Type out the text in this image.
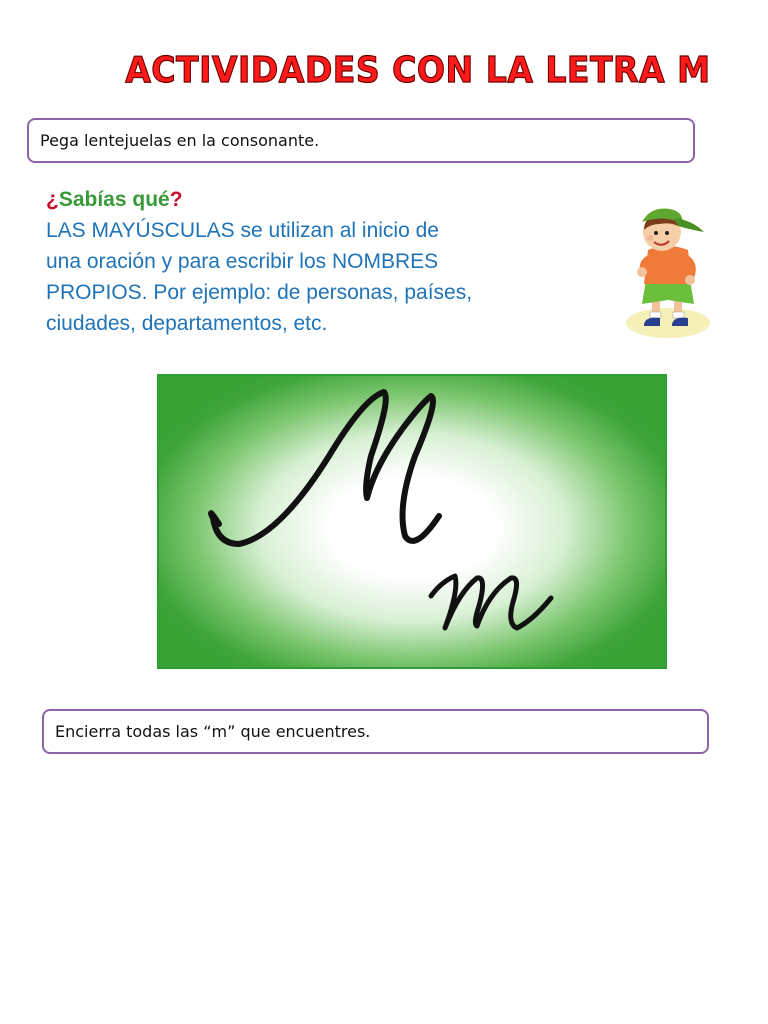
ACTIVIDADES CON LA LETRA M
Pega lentejuelas en la consonante.
¿Sabías qué?
LAS MAYÚSCULAS se utilizan al inicio de
una oración y para escribir los NOMBRES
PROPIOS. Por ejemplo: de personas, países,
ciudades, departamentos, etc.
Encierra todas las “m” que encuentres.
